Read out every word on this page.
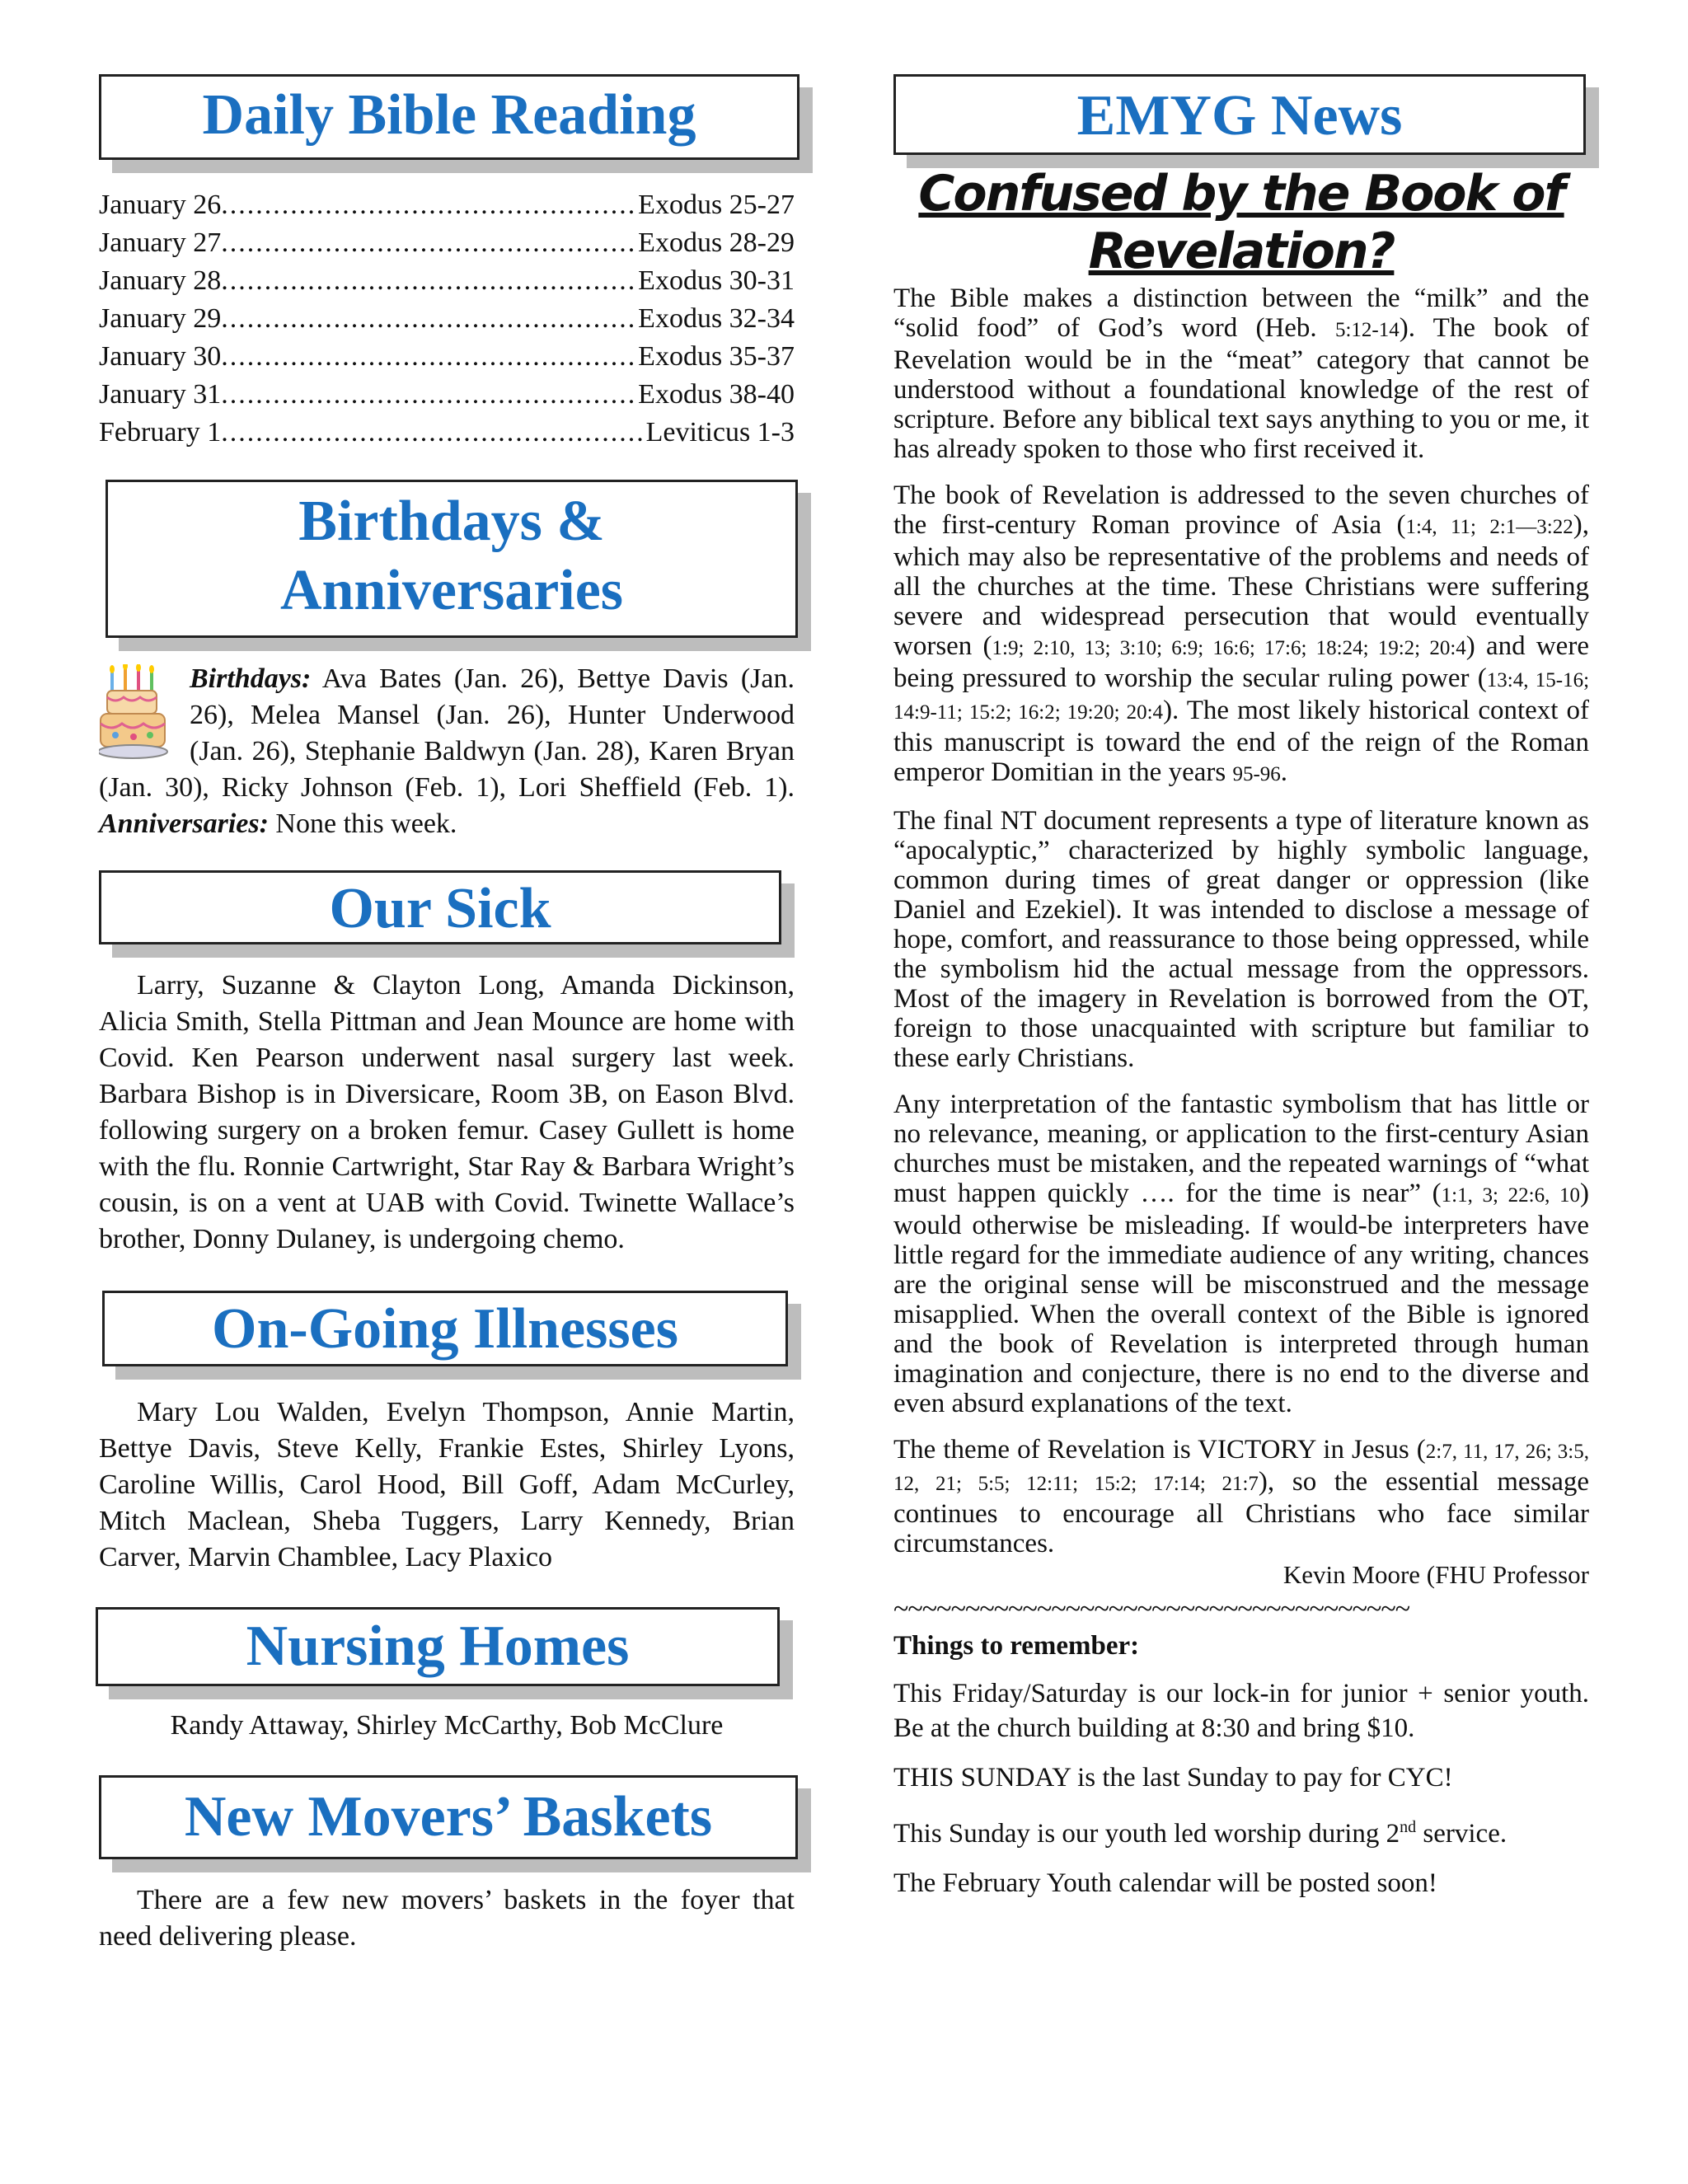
Daily Bible Reading
January 26 .....	Exodus 25-27
January 27 .....	Exodus 28-29
January 28 .....	Exodus 30-31
January 29 .....	Exodus 32-34
January 30 .....	Exodus 35-37
January 31 .....	Exodus 38-40
February 1 .....	Leviticus 1-3
Birthdays &
Anniversaries
Birthdays: Ava Bates (Jan. 26), Bettye Davis (Jan. 26), Melea Mansel (Jan. 26), Hunter Underwood (Jan. 26), Stephanie Baldwyn (Jan. 28), Karen Bryan (Jan. 30), Ricky Johnson (Feb. 1), Lori Sheffield (Feb. 1). Anniversaries: None this week.
Our Sick
Larry, Suzanne & Clayton Long, Amanda Dickinson, Alicia Smith, Stella Pittman and Jean Mounce are home with Covid. Ken Pearson underwent nasal surgery last week. Barbara Bishop is in Diversicare, Room 3B, on Eason Blvd. following surgery on a broken femur. Casey Gullett is home with the flu. Ronnie Cartwright, Star Ray & Barbara Wright’s cousin, is on a vent at UAB with Covid. Twinette Wallace’s brother, Donny Dulaney, is undergoing chemo.
On-Going Illnesses
Mary Lou Walden, Evelyn Thompson, Annie Martin, Bettye Davis, Steve Kelly, Frankie Estes, Shirley Lyons, Caroline Willis, Carol Hood, Bill Goff, Adam McCurley, Mitch Maclean, Sheba Tuggers, Larry Kennedy, Brian Carver, Marvin Chamblee, Lacy Plaxico
Nursing Homes
Randy Attaway, Shirley McCarthy, Bob McClure
New Movers’ Baskets
There are a few new movers’ baskets in the foyer that need delivering please.
EMYG News
Confused by the Book of
Revelation?

The Bible makes a distinction between the “milk” and the “solid food” of God’s word (Heb. 5:12-14). The book of Revelation would be in the “meat” category that cannot be understood without a foundational knowledge of the rest of scripture. Before any biblical text says anything to you or me, it has already spoken to those who first received it.

The book of Revelation is addressed to the seven churches of the first-century Roman province of Asia (1:4, 11; 2:1—3:22), which may also be representative of the problems and needs of all the churches at the time. These Christians were suffering severe and widespread persecution that would eventually worsen (1:9; 2:10, 13; 3:10; 6:9; 16:6; 17:6; 18:24; 19:2; 20:4) and were being pressured to worship the secular ruling power (13:4, 15-16; 14:9-11; 15:2; 16:2; 19:20; 20:4). The most likely historical context of this manuscript is toward the end of the reign of the Roman emperor Domitian in the years 95-96.

The final NT document represents a type of literature known as “apocalyptic,” characterized by highly symbolic language, common during times of great danger or oppression (like Daniel and Ezekiel). It was intended to disclose a message of hope, comfort, and reassurance to those being oppressed, while the symbolism hid the actual message from the oppressors. Most of the imagery in Revelation is borrowed from the OT, foreign to those unacquainted with scripture but familiar to these early Christians.

Any interpretation of the fantastic symbolism that has little or no relevance, meaning, or application to the first-century Asian churches must be mistaken, and the repeated warnings of “what must happen quickly …. for the time is near” (1:1, 3; 22:6, 10) would otherwise be misleading. If would-be interpreters have little regard for the immediate audience of any writing, chances are the original sense will be misconstrued and the message misapplied. When the overall context of the Bible is ignored and the book of Revelation is interpreted through human imagination and conjecture, there is no end to the diverse and even absurd explanations of the text.

The theme of Revelation is VICTORY in Jesus (2:7, 11, 17, 26; 3:5, 12, 21; 5:5; 12:11; 15:2; 17:14; 21:7), so the essential message continues to encourage all Christians who face similar circumstances.

Kevin Moore (FHU Professor
~~~~~~~~~~~~~~~~~~~~~~~~~~~~~~~~~~~~
Things to remember:

This Friday/Saturday is our lock-in for junior + senior youth. Be at the church building at 8:30 and bring $10.

THIS SUNDAY is the last Sunday to pay for CYC!

This Sunday is our youth led worship during 2nd service.

The February Youth calendar will be posted soon!
